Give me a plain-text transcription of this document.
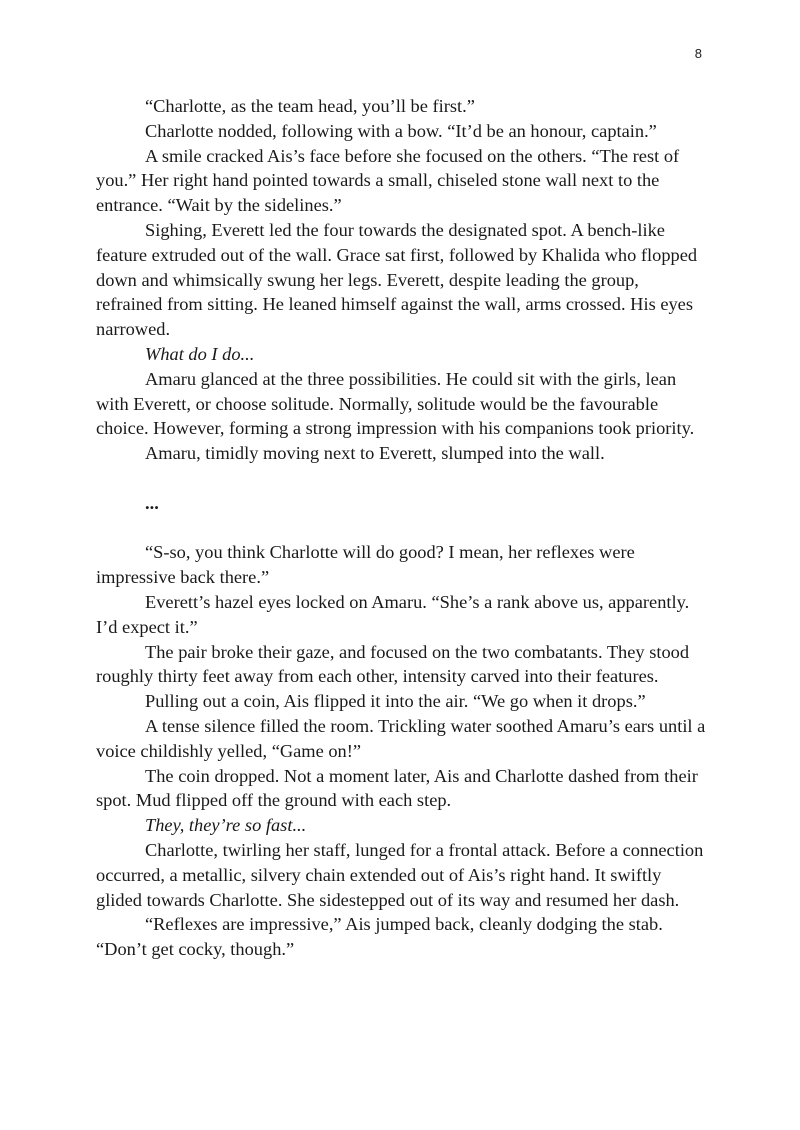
8

“Charlotte, as the team head, you’ll be first.”

Charlotte nodded, following with a bow. “It’d be an honour, captain.”

A smile cracked Ais’s face before she focused on the others. “The rest of you.” Her right hand pointed towards a small, chiseled stone wall next to the entrance. “Wait by the sidelines.”

Sighing, Everett led the four towards the designated spot. A bench-like feature extruded out of the wall. Grace sat first, followed by Khalida who flopped down and whimsically swung her legs. Everett, despite leading the group, refrained from sitting. He leaned himself against the wall, arms crossed. His eyes narrowed.

What do I do...

Amaru glanced at the three possibilities. He could sit with the girls, lean with Everett, or choose solitude. Normally, solitude would be the favourable choice. However, forming a strong impression with his companions took priority.

Amaru, timidly moving next to Everett, slumped into the wall.

...

“S-so, you think Charlotte will do good? I mean, her reflexes were impressive back there.”

Everett’s hazel eyes locked on Amaru. “She’s a rank above us, apparently. I’d expect it.”

The pair broke their gaze, and focused on the two combatants. They stood roughly thirty feet away from each other, intensity carved into their features.

Pulling out a coin, Ais flipped it into the air. “We go when it drops.”

A tense silence filled the room. Trickling water soothed Amaru’s ears until a voice childishly yelled, “Game on!”

The coin dropped. Not a moment later, Ais and Charlotte dashed from their spot. Mud flipped off the ground with each step.

They, they’re so fast...

Charlotte, twirling her staff, lunged for a frontal attack. Before a connection occurred, a metallic, silvery chain extended out of Ais’s right hand. It swiftly glided towards Charlotte. She sidestepped out of its way and resumed her dash.

“Reflexes are impressive,” Ais jumped back, cleanly dodging the stab. “Don’t get cocky, though.”
